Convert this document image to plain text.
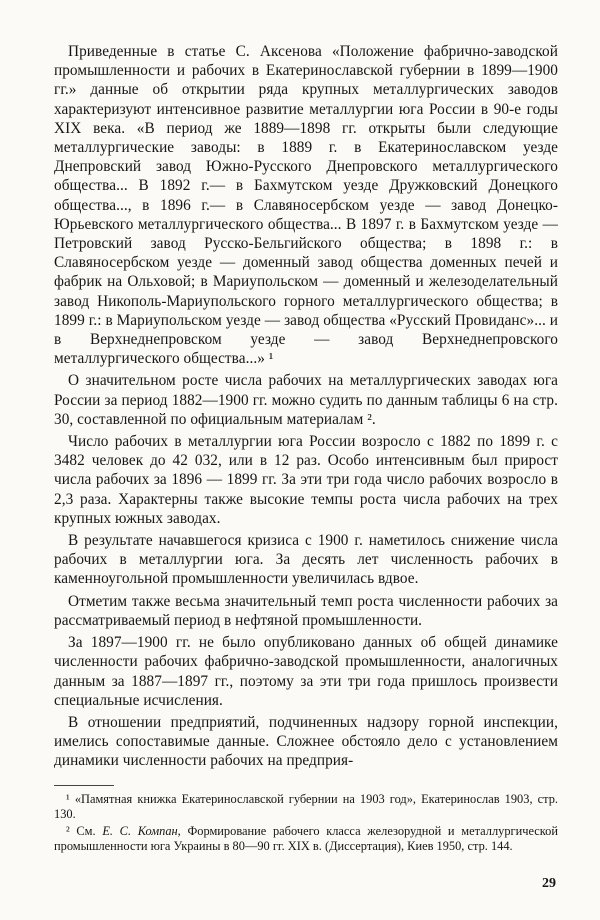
Приведенные в статье С. Аксенова «Положение фабрично-заводской промышленности и рабочих в Екатеринославской губернии в 1899—1900 гг.» данные об открытии ряда крупных металлургических заводов характеризуют интенсивное развитие металлургии юга России в 90-е годы XIX века. «В период же 1889—1898 гг. открыты были следующие металлургические заводы: в 1889 г. в Екатеринославском уезде Днепровский завод Южно-Русского Днепровского металлургического общества... В 1892 г.— в Бахмутском уезде Дружковский Донецкого общества..., в 1896 г.— в Славяносербском уезде — завод Донецко-Юрьевского металлургического общества... В 1897 г. в Бахмутском уезде — Петровский завод Русско-Бельгийского общества; в 1898 г.: в Славяносербском уезде — доменный завод общества доменных печей и фабрик на Ольховой; в Мариупольском — доменный и железоделательный завод Никополь-Мариупольского горного металлургического общества; в 1899 г.: в Мариупольском уезде — завод общества «Русский Провиданс»... и в Верхнеднепровском уезде — завод Верхнеднепровского металлургического общества...» ¹

О значительном росте числа рабочих на металлургических заводах юга России за период 1882—1900 гг. можно судить по данным таблицы 6 на стр. 30, составленной по официальным материалам ².

Число рабочих в металлургии юга России возросло с 1882 по 1899 г. с 3482 человек до 42 032, или в 12 раз. Особо интенсивным был прирост числа рабочих за 1896 — 1899 гг. За эти три года число рабочих возросло в 2,3 раза. Характерны также высокие темпы роста числа рабочих на трех крупных южных заводах.

В результате начавшегося кризиса с 1900 г. наметилось снижение числа рабочих в металлургии юга. За десять лет численность рабочих в каменноугольной промышленности увеличилась вдвое.

Отметим также весьма значительный темп роста численности рабочих за рассматриваемый период в нефтяной промышленности.

За 1897—1900 гг. не было опубликовано данных об общей динамике численности рабочих фабрично-заводской промышленности, аналогичных данным за 1887—1897 гг., поэтому за эти три года пришлось произвести специальные исчисления.

В отношении предприятий, подчиненных надзору горной инспекции, имелись сопоставимые данные. Сложнее обстояло дело с установлением динамики численности рабочих на предприя-

¹ «Памятная книжка Екатеринославской губернии на 1903 год», Екатеринослав 1903, стр. 130.

² См. Е. С. Компан, Формирование рабочего класса железорудной и металлургической промышленности юга Украины в 80—90 гг. XIX в. (Диссертация), Киев 1950, стр. 144.

29
